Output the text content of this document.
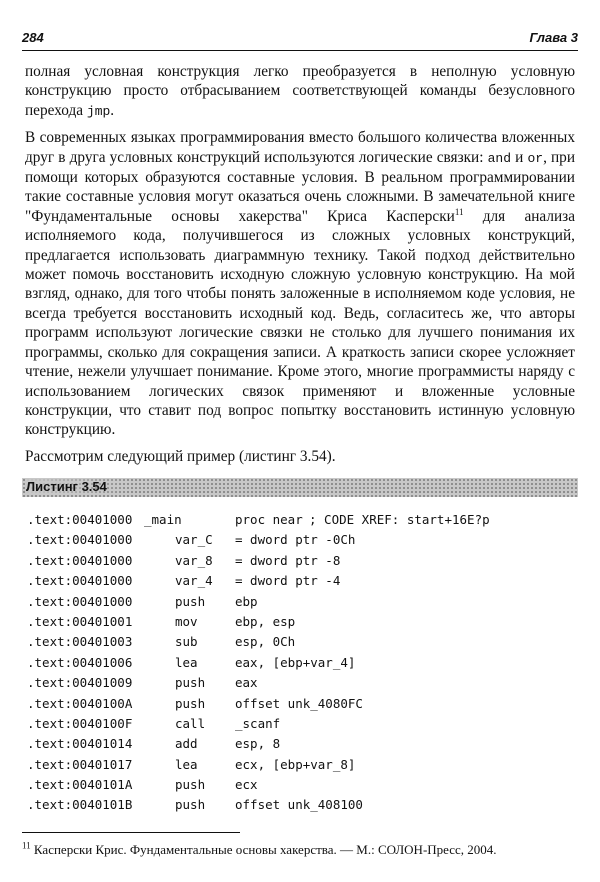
284	Глава 3

полная условная конструкция легко преобразуется в неполную условную конструкцию просто отбрасыванием соответствующей команды безусловного перехода jmp.

В современных языках программирования вместо большого количества вложенных друг в друга условных конструкций используются логические связки: and и or, при помощи которых образуются составные условия. В реальном программировании такие составные условия могут оказаться очень сложными. В замечательной книге "Фундаментальные основы хакерства" Криса Касперски$^{11}$ для анализа исполняемого кода, получившегося из сложных условных конструкций, предлагается использовать диаграммную технику. Такой подход действительно может помочь восстановить исходную сложную условную конструкцию. На мой взгляд, однако, для того чтобы понять заложенные в исполняемом коде условия, не всегда требуется восстановить исходный код. Ведь, согласитесь же, что авторы программ используют логические связки не столько для лучшего понимания их программы, сколько для сокращения записи. А краткость записи скорее усложняет чтение, нежели улучшает понимание. Кроме этого, многие программисты наряду с использованием логических связок применяют и вложенные условные конструкции, что ставит под вопрос попытку восстановить истинную условную конструкцию.

Рассмотрим следующий пример (листинг 3.54).

Листинг 3.54
.text:00401000 _main	proc near ; CODE XREF: start+16E?p
.text:00401000	var_C = dword ptr -0Ch
.text:00401000	var_8 = dword ptr -8
.text:00401000	var_4 = dword ptr -4
.text:00401000	push ebp
.text:00401001	mov	ebp, esp
.text:00401003	sub	esp, 0Ch
.text:00401006	lea	eax, [ebp+var_4]
.text:00401009	push eax
.text:0040100A	push offset unk_4080FC
.text:0040100F	call _scanf
.text:00401014	add	esp, 8
.text:00401017	lea	ecx, [ebp+var_8]
.text:0040101A	push ecx
.text:0040101B	push offset unk_408100
$^{11}$ Касперски Крис. Фундаментальные основы хакерства. — М.: СОЛОН-Пресс, 2004.
